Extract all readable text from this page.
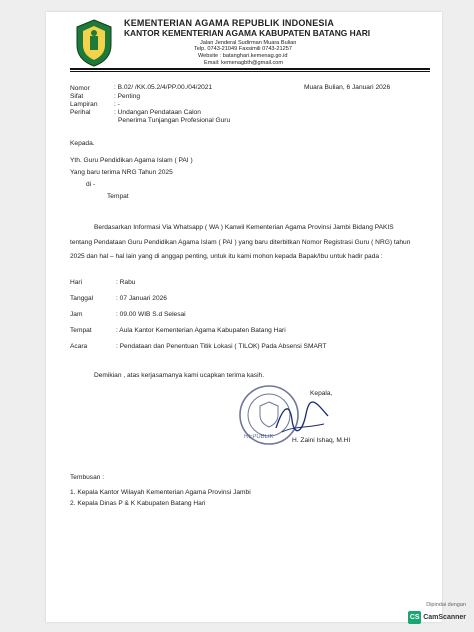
KEMENTERIAN AGAMA REPUBLIK INDONESIA
KANTOR KEMENTERIAN AGAMA KABUPATEN BATANG HARI
Jalan Jenderal Sudirman Muara Bulian
Telp. 0743-21049 Faxsimili 0743-21257
Website : batanghari.kemenag.go.id
Email: kemenagbth@gmail.com
Nomor	: B.02/ /KK.05.2/4/PP.00./04/2021	Muara Bulian, 6 Januari 2026
Sifat	: Penting
Lampiran	: -
Perihal	: Undangan Pendataan Calon
Penerima Tunjangan Profesional Guru
Kepada.
Yth. Guru Pendidikan Agama Islam ( PAI )
Yang baru terima NRG Tahun 2025
di -
Tempat
Berdasarkan Informasi Via Whatsapp ( WA ) Kanwil Kementerian Agama Provinsi Jambi Bidang PAKIS
tentang Pendataan Guru Pendidikan Agama Islam ( PAI ) yang baru diterbitkan Nomor Registrasi Guru ( NRG) tahun
2025 dan hal – hal lain yang di anggap penting, untuk itu kami mohon kepada Bapak/Ibu untuk hadir pada :
Hari	: Rabu
Tanggal	: 07 Januari 2026
Jam	: 09.00 WIB S.d Selesai
Tempat	: Aula Kantor Kementerian Agama Kabupaten Batang Hari
Acara	: Pendataan dan Penentuan Titik Lokasi ( TILOK) Pada Absensi SMART
Demikian , atas kerjasamanya kami ucapkan terima kasih.
REPUBLIK
Kepala,
H. Zaini Ishaq, M.HI
Tembusan :
1. Kepala Kantor Wilayah Kementerian Agama Provinsi Jambi
2. Kepala Dinas P & K Kabupaten Batang Hari
Dipindai dengan
CS CamScanner
